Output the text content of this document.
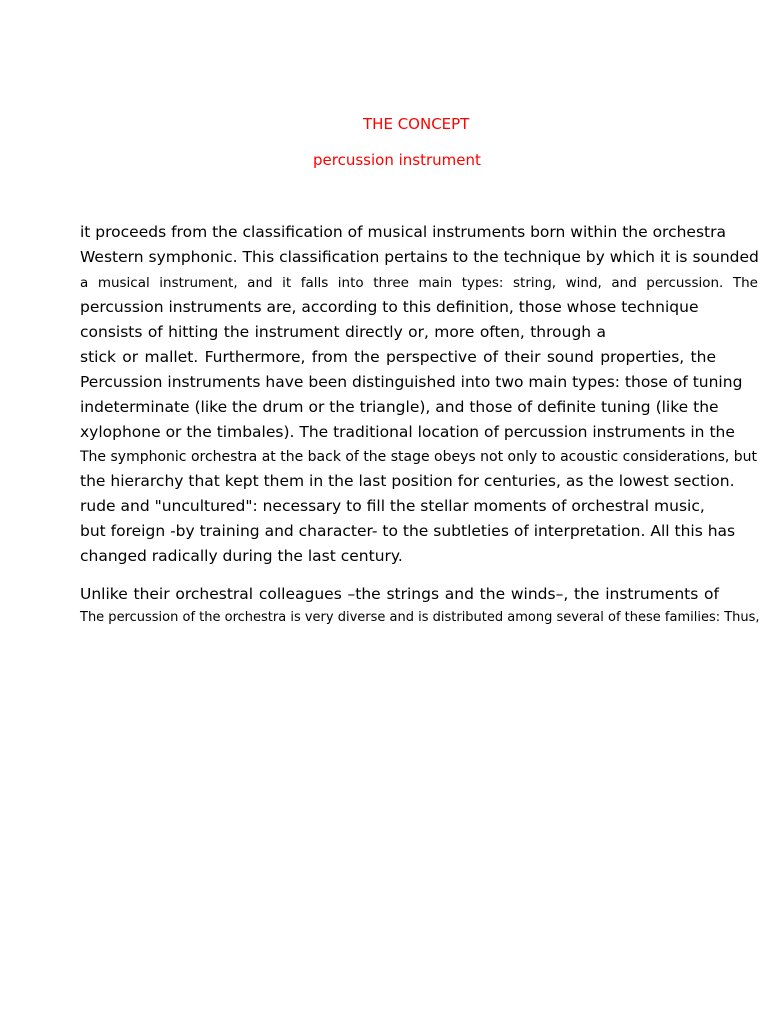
THE CONCEPT
percussion instrument

it proceeds from the classification of musical instruments born within the orchestra

Western symphonic. This classification pertains to the technique by which it is sounded

a musical instrument, and it falls into three main types: string, wind, and percussion. The

percussion instruments are, according to this definition, those whose technique

consists of hitting the instrument directly or, more often, through a

stick or mallet. Furthermore, from the perspective of their sound properties, the

Percussion instruments have been distinguished into two main types: those of tuning

indeterminate (like the drum or the triangle), and those of definite tuning (like the

xylophone or the timbales). The traditional location of percussion instruments in the

The symphonic orchestra at the back of the stage obeys not only to acoustic considerations, but

the hierarchy that kept them in the last position for centuries, as the lowest section.

rude and "uncultured": necessary to fill the stellar moments of orchestral music,

but foreign -by training and character- to the subtleties of interpretation. All this has

changed radically during the last century.

Unlike their orchestral colleagues –the strings and the winds–, the instruments of

The percussion of the orchestra is very diverse and is distributed among several of these families: Thus,
